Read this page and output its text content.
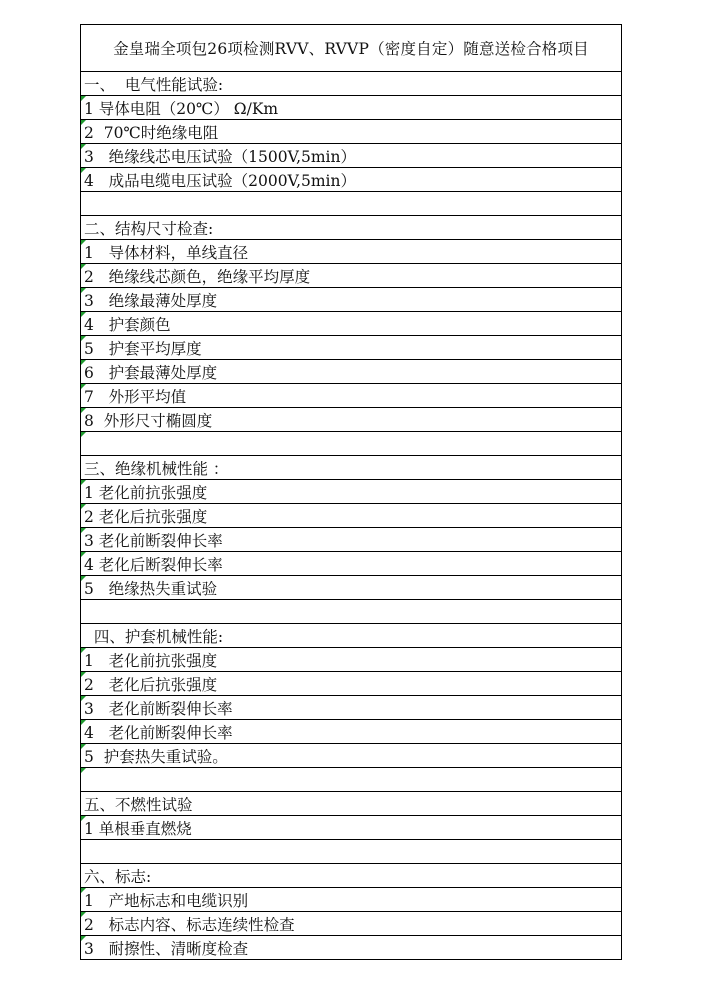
金皇瑞全项包26项检测RVV、RVVP（密度自定）随意送检合格项目
一、  电气性能试验:
1 导体电阻（20℃） Ω/Km
2  70℃时绝缘电阻
3   绝缘线芯电压试验（1500V,5min）
4   成品电缆电压试验（2000V,5min）
二、结构尺寸检查:
1   导体材料，单线直径
2   绝缘线芯颜色，绝缘平均厚度
3   绝缘最薄处厚度
4   护套颜色
5   护套平均厚度
6   护套最薄处厚度
7   外形平均值
8  外形尺寸椭圆度
三、绝缘机械性能 ：
1 老化前抗张强度
2 老化后抗张强度
3 老化前断裂伸长率
4 老化后断裂伸长率
5   绝缘热失重试验
四、护套机械性能:
1   老化前抗张强度
2   老化后抗张强度
3   老化前断裂伸长率
4   老化前断裂伸长率
5  护套热失重试验。
五、不燃性试验
1 单根垂直燃烧
六、标志:
1   产地标志和电缆识别
2   标志内容、标志连续性检查
3   耐擦性、清晰度检查
